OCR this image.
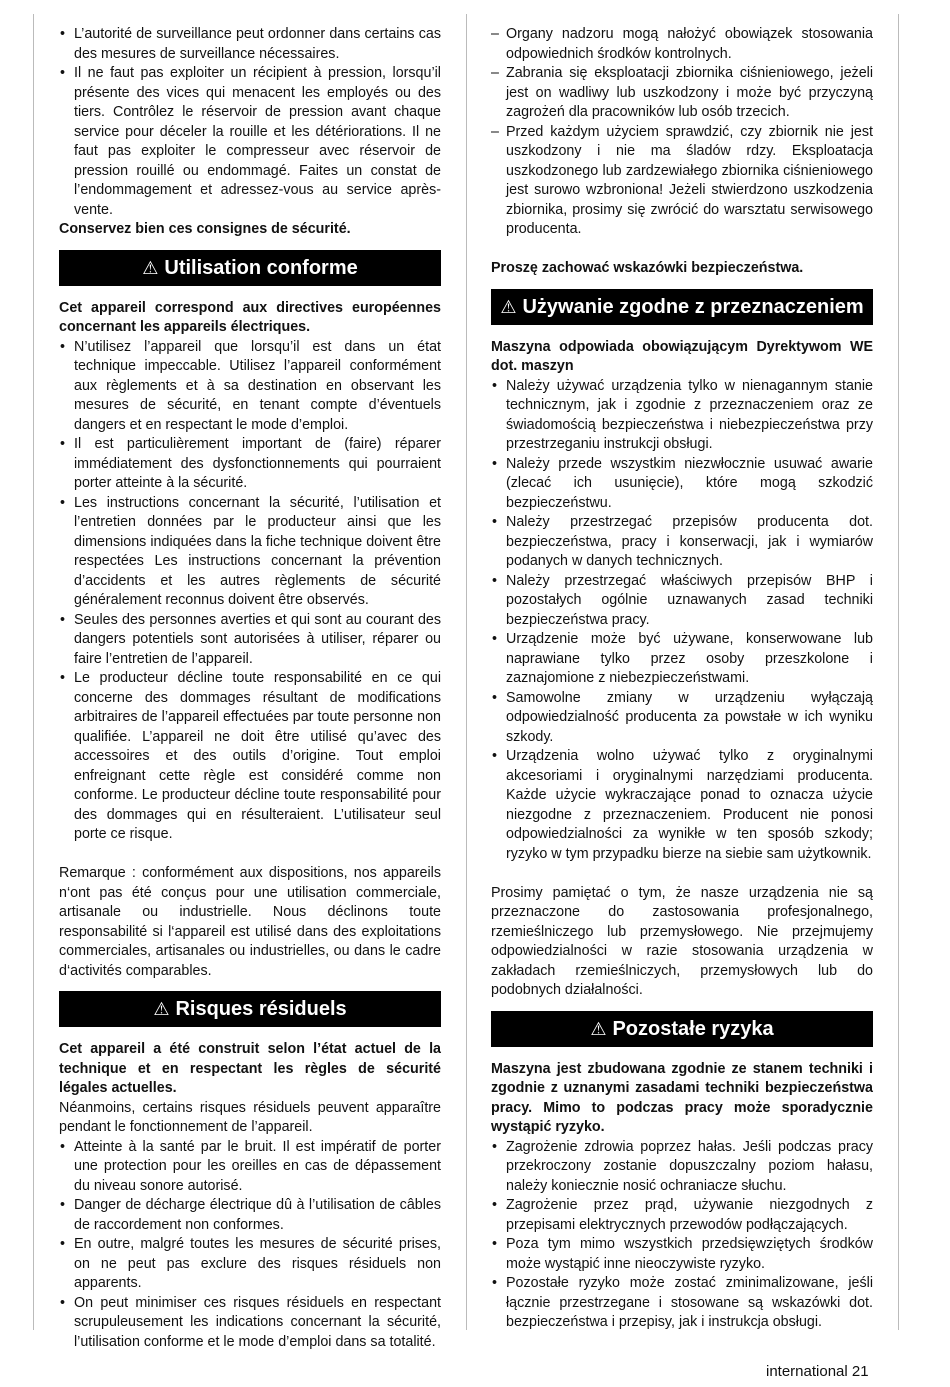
• L’autorité de surveillance peut ordonner dans certains cas des mesures de surveillance nécessaires.
• Il ne faut pas exploiter un récipient à pression, lorsqu’il présente des vices qui menacent les employés ou des tiers. Contrôlez le réservoir de pression avant chaque service pour déceler la rouille et les détériorations. Il ne faut pas exploiter le compresseur avec réservoir de pression rouillé ou endommagé. Faites un constat de l’endommagement et adressez-vous au service après-vente.

Conservez bien ces consignes de sécurité.

⚠ Utilisation conforme

Cet appareil correspond aux directives européennes concernant les appareils électriques.

• N’utilisez l’appareil que lorsqu’il est dans un état technique impeccable. Utilisez l’appareil conformément aux règlements et à sa destination en observant les mesures de sécurité, en tenant compte d’éventuels dangers et en respectant le mode d’emploi.
• Il est particulièrement important de (faire) réparer immédiatement des dysfonctionnements qui pourraient porter atteinte à la sécurité.
• Les instructions concernant la sécurité, l’utilisation et l’entretien données par le producteur ainsi que les dimensions indiquées dans la fiche technique doivent être respectées Les instructions concernant la prévention d’accidents et les autres règlements de sécurité généralement reconnus doivent être observés.
• Seules des personnes averties et qui sont au courant des dangers potentiels sont autorisées à utiliser, réparer ou faire l’entretien de l’appareil.
• Le producteur décline toute responsabilité en ce qui concerne des dommages résultant de modifications arbitraires de l’appareil effectuées par toute personne non qualifiée. L’appareil ne doit être utilisé qu’avec des accessoires et des outils d’origine. Tout emploi enfreignant cette règle est considéré comme non conforme. Le producteur décline toute responsabilité pour des dommages qui en résulteraient. L’utilisateur seul porte ce risque.

Remarque : conformément aux dispositions, nos appareils n‘ont pas été conçus pour une utilisation commerciale, artisanale ou industrielle. Nous déclinons toute responsabilité si l‘appareil est utilisé dans des exploitations commerciales, artisanales ou industrielles, ou dans le cadre d‘activités comparables.

⚠ Risques résiduels

Cet appareil a été construit selon l’état actuel de la technique et en respectant les règles de sécurité légales actuelles.

Néanmoins, certains risques résiduels peuvent apparaître pendant le fonctionnement de l’appareil.

• Atteinte à la santé par le bruit. Il est impératif de porter une protection pour les oreilles en cas de dépassement du niveau sonore autorisé.
• Danger de décharge électrique dû à l’utilisation de câbles de raccordement non conformes.
• En outre, malgré toutes les mesures de sécurité prises, on ne peut pas exclure des risques résiduels non apparents.
• On peut minimiser ces risques résiduels en respectant scrupuleusement les indications concernant la sécurité, l’utilisation conforme et le mode d’emploi dans sa totalité.
– Organy nadzoru mogą nałożyć obowiązek stosowania odpowiednich środków kontrolnych.
– Zabrania się eksploatacji zbiornika ciśnieniowego, jeżeli jest on wadliwy lub uszkodzony i może być przyczyną zagrożeń dla pracowników lub osób trzecich.
– Przed każdym użyciem sprawdzić, czy zbiornik nie jest uszkodzony i nie ma śladów rdzy. Eksploatacja uszkodzonego lub zardzewiałego zbiornika ciśnieniowego jest surowo wzbroniona! Jeżeli stwierdzono uszkodzenia zbiornika, prosimy się zwrócić do warsztatu serwisowego producenta.

Proszę zachować wskazówki bezpieczeństwa.

⚠ Używanie zgodne z przeznaczeniem

Maszyna odpowiada obowiązującym Dyrektywom WE dot. maszyn

• Należy używać urządzenia tylko w nienagannym stanie technicznym, jak i zgodnie z przeznaczeniem oraz ze świadomością bezpieczeństwa i niebezpieczeństwa przy przestrzeganiu instrukcji obsługi.
• Należy przede wszystkim niezwłocznie usuwać awarie (zlecać ich usunięcie), które mogą szkodzić bezpieczeństwu.
• Należy przestrzegać przepisów producenta dot. bezpieczeństwa, pracy i konserwacji, jak i wymiarów podanych w danych technicznych.
• Należy przestrzegać właściwych przepisów BHP i pozostałych ogólnie uznawanych zasad techniki bezpieczeństwa pracy.
• Urządzenie może być używane, konserwowane lub naprawiane tylko przez osoby przeszkolone i zaznajomione z niebezpieczeństwami.
• Samowolne zmiany w urządzeniu wyłączają odpowiedzialność producenta za powstałe w ich wyniku szkody.
• Urządzenia wolno używać tylko z oryginalnymi akcesoriami i oryginalnymi narzędziami producenta. Każde użycie wykraczające ponad to oznacza użycie niezgodne z przeznaczeniem. Producent nie ponosi odpowiedzialności za wynikłe w ten sposób szkody; ryzyko w tym przypadku bierze na siebie sam użytkownik.

Prosimy pamiętać o tym, że nasze urządzenia nie są przeznaczone do zastosowania profesjonalnego, rzemieślniczego lub przemysłowego. Nie przejmujemy odpowiedzialności w razie stosowania urządzenia w zakładach rzemieślniczych, przemysłowych lub do podobnych działalności.

⚠ Pozostałe ryzyka

Maszyna jest zbudowana zgodnie ze stanem techniki i zgodnie z uznanymi zasadami techniki bezpieczeństwa pracy. Mimo to podczas pracy może sporadycznie wystąpić ryzyko.

• Zagrożenie zdrowia poprzez hałas. Jeśli podczas pracy przekroczony zostanie dopuszczalny poziom hałasu, należy koniecznie nosić ochraniacze słuchu.
• Zagrożenie przez prąd, używanie niezgodnych z przepisami elektrycznych przewodów podłączających.
• Poza tym mimo wszystkich przedsięwziętych środków może wystąpić inne nieoczywiste ryzyko.
• Pozostałe ryzyko może zostać zminimalizowane, jeśli łącznie przestrzegane i stosowane są wskazówki dot. bezpieczeństwa i przepisy, jak i instrukcja obsługi.
international 21
